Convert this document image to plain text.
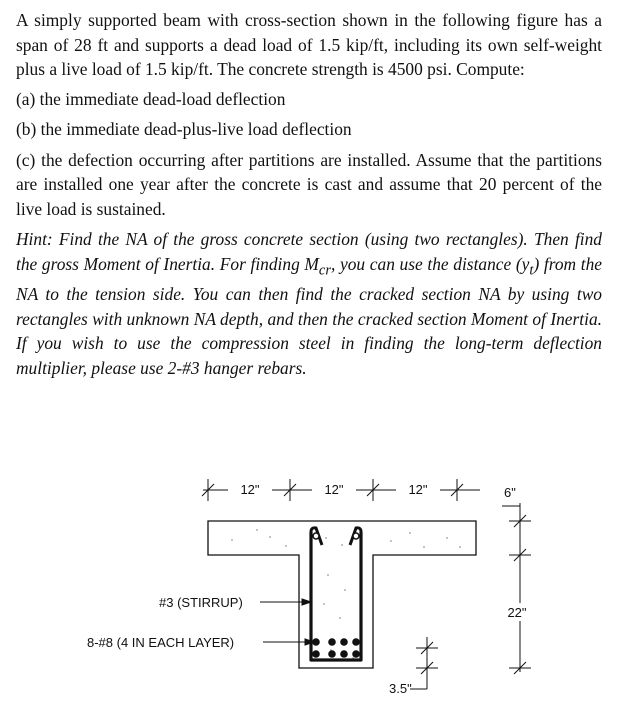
A simply supported beam with cross-section shown in the following figure has a span of 28 ft and supports a dead load of 1.5 kip/ft, including its own self-weight plus a live load of 1.5 kip/ft. The concrete strength is 4500 psi. Compute:

(a) the immediate dead-load deflection

(b) the immediate dead-plus-live load deflection

(c) the defection occurring after partitions are installed. Assume that the partitions are installed one year after the concrete is cast and assume that 20 percent of the live load is sustained.

Hint: Find the NA of the gross concrete section (using two rectangles). Then find the gross Moment of Inertia. For finding $M_{cr}$, you can use the distance $(y_t)$ from the NA to the tension side. You can then find the cracked section NA by using two rectangles with unknown NA depth, and then the cracked section Moment of Inertia. If you wish to use the compression steel in finding the long-term deflection multiplier, please use 2-#3 hanger rebars.

12"	12"	12"	6"
22"
3.5"
#3 (STIRRUP)
8-#8 (4 IN EACH LAYER)
